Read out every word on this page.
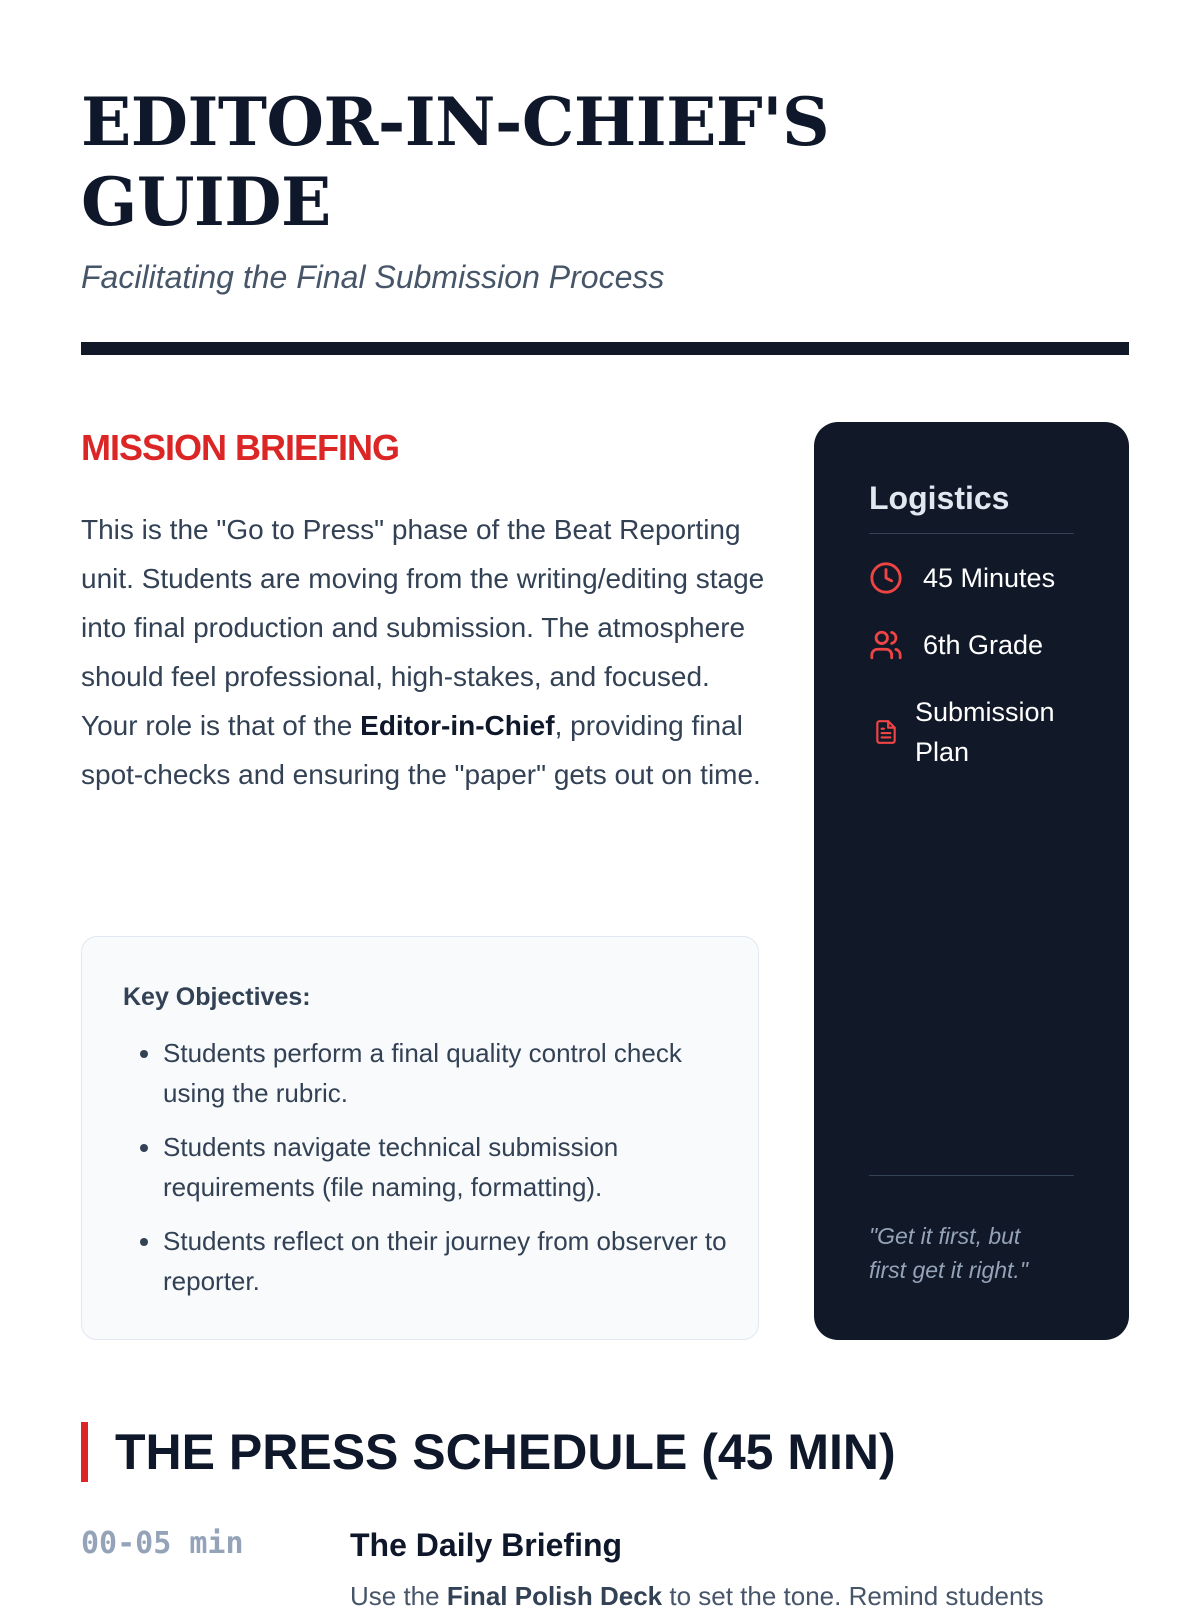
EDITOR-IN-CHIEF'S
GUIDE

Facilitating the Final Submission Process

MISSION BRIEFING

This is the "Go to Press" phase of the Beat Reporting unit. Students are moving from the writing/editing stage into final production and submission. The atmosphere should feel professional, high-stakes, and focused. Your role is that of the Editor-in-Chief, providing final spot-checks and ensuring the "paper" gets out on time.

Key Objectives:
• Students perform a final quality control check using the rubric.
• Students navigate technical submission requirements (file naming, formatting).
• Students reflect on their journey from observer to reporter.
Logistics
45 Minutes
6th Grade
Submission
Plan

"Get it first, but
first get it right."

THE PRESS SCHEDULE (45 MIN)

00-05 min	The Daily Briefing

Use the Final Polish Deck to set the tone. Remind students
